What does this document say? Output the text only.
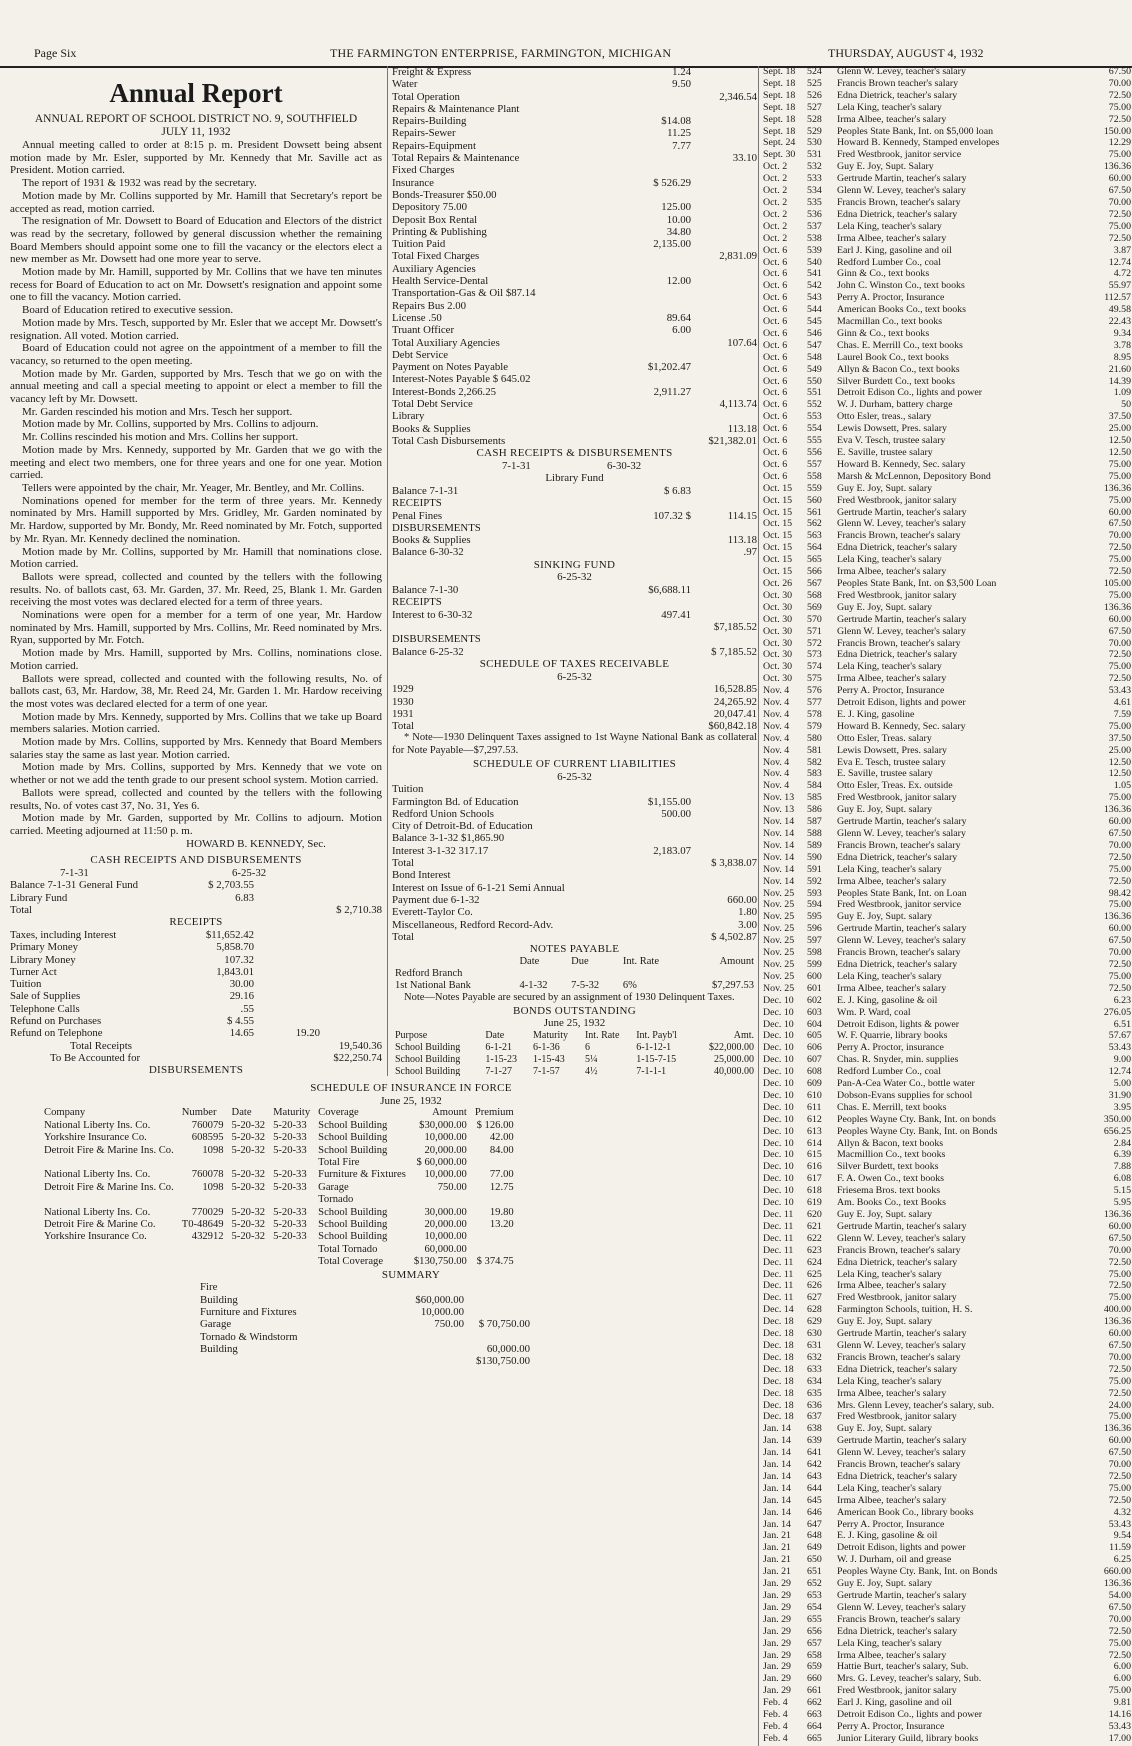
Page Six	THE FARMINGTON ENTERPRISE, FARMINGTON, MICHIGAN	THURSDAY, AUGUST 4, 1932
Annual Report

ANNUAL REPORT OF SCHOOL DISTRICT NO. 9, SOUTHFIELD

JULY 11, 1932

Annual meeting called to order at 8:15 p. m. President Dowsett being absent motion made by Mr. Esler, supported by Mr. Kennedy that Mr. Saville act as President. Motion carried.

The report of 1931 & 1932 was read by the secretary.

Motion made by Mr. Collins supported by Mr. Hamill that Secretary's report be accepted as read, motion carried.

The resignation of Mr. Dowsett to Board of Education and Electors of the district was read by the secretary, followed by general discussion whether the remaining Board Members should appoint some one to fill the vacancy or the electors elect a new member as Mr. Dowsett had one more year to serve.

Motion made by Mr. Hamill, supported by Mr. Collins that we have ten minutes recess for Board of Education to act on Mr. Dowsett's resignation and appoint some one to fill the vacancy. Motion carried.

Board of Education retired to executive session.

Motion made by Mrs. Tesch, supported by Mr. Esler that we accept Mr. Dowsett's resignation. All voted. Motion carried.

Board of Education could not agree on the appointment of a member to fill the vacancy, so returned to the open meeting.

Motion made by Mr. Garden, supported by Mrs. Tesch that we go on with the annual meeting and call a special meeting to appoint or elect a member to fill the vacancy left by Mr. Dowsett.

Mr. Garden rescinded his motion and Mrs. Tesch her support.

Motion made by Mr. Collins, supported by Mrs. Collins to adjourn.

Mr. Collins rescinded his motion and Mrs. Collins her support.

Motion made by Mrs. Kennedy, supported by Mr. Garden that we go with the meeting and elect two members, one for three years and one for one year. Motion carried.

Tellers were appointed by the chair, Mr. Yeager, Mr. Bentley, and Mr. Collins.

Nominations opened for member for the term of three years. Mr. Kennedy nominated by Mrs. Hamill supported by Mrs. Gridley, Mr. Garden nominated by Mr. Hardow, supported by Mr. Bondy, Mr. Reed nominated by Mr. Fotch, supported by Mr. Ryan. Mr. Kennedy declined the nomination.

Motion made by Mr. Collins, supported by Mr. Hamill that nominations close. Motion carried.

Ballots were spread, collected and counted by the tellers with the following results. No. of ballots cast, 63. Mr. Garden, 37. Mr. Reed, 25, Blank 1. Mr. Garden receiving the most votes was declared elected for a term of three years.

Nominations were open for a member for a term of one year, Mr. Hardow nominated by Mrs. Hamill, supported by Mrs. Collins, Mr. Reed nominated by Mrs. Ryan, supported by Mr. Fotch.

Motion made by Mrs. Hamill, supported by Mrs. Collins, nominations close. Motion carried.

Ballots were spread, collected and counted with the following results, No. of ballots cast, 63, Mr. Hardow, 38, Mr. Reed 24, Mr. Garden 1. Mr. Hardow receiving the most votes was declared elected for a term of one year.

Motion made by Mrs. Kennedy, supported by Mrs. Collins that we take up Board members salaries. Motion carried.

Motion made by Mrs. Collins, supported by Mrs. Kennedy that Board Members salaries stay the same as last year. Motion carried.

Motion made by Mrs. Collins, supported by Mrs. Kennedy that we vote on whether or not we add the tenth grade to our present school system. Motion carried.

Ballots were spread, collected and counted by the tellers with the following results, No. of votes cast 37, No. 31, Yes 6.

Motion made by Mr. Garden, supported by Mr. Collins to adjourn. Motion carried. Meeting adjourned at 11:50 p. m.

HOWARD B. KENNEDY, Sec.

CASH RECEIPTS AND DISBURSEMENTS

7-1-31	6-25-32
Balance 7-1-31 General Fund	$ 2,703.55
Library Fund	6.83
Total	$ 2,710.38

RECEIPTS

Taxes, including Interest	$11,652.42
Primary Money	5,858.70
Library Money	107.32
Turner Act	1,843.01
Tuition	30.00
Sale of Supplies	29.16
Telephone Calls	.55
Refund on Purchases	$ 4.55
Refund on Telephone	14.65	19.20
Total Receipts	19,540.36
To Be Accounted for	$22,250.74

DISBURSEMENTS

Freight & Express	1.24
Water	9.50
Total Operation	2,346.54
Repairs & Maintenance Plant
Repairs-Building	$14.08
Repairs-Sewer	11.25
Repairs-Equipment	7.77
Total Repairs & Maintenance	33.10
Fixed Charges
Insurance	$ 526.29
Bonds-Treasurer $50.00
Depository 75.00	125.00
Deposit Box Rental	10.00
Printing & Publishing	34.80
Tuition Paid	2,135.00
Total Fixed Charges	2,831.09
Auxiliary Agencies
Health Service-Dental	12.00
Transportation-Gas & Oil $87.14
Repairs Bus 2.00
License .50	89.64
Truant Officer	6.00
Total Auxiliary Agencies	107.64
Debt Service
Payment on Notes Payable	$1,202.47
Interest-Notes Payable $ 645.02
Interest-Bonds 2,266.25	2,911.27
Total Debt Service	4,113.74
Library
Books & Supplies	113.18
Total Cash Disbursements	$21,382.01

CASH RECEIPTS & DISBURSEMENTS

7-1-31	6-30-32

Library Fund

Balance 7-1-31	$ 6.83
RECEIPTS
Penal Fines	107.32 $	114.15
DISBURSEMENTS
Books & Supplies	113.18
Balance 6-30-32	.97

SINKING FUND

6-25-32

Balance 7-1-30	$6,688.11
RECEIPTS
Interest to 6-30-32	497.41
$7,185.52
DISBURSEMENTS
Balance 6-25-32	$ 7,185.52

SCHEDULE OF TAXES RECEIVABLE

6-25-32

1929	16,528.85
1930	24,265.92
1931	20,047.41
Total	$60,842.18

* Note—1930 Delinquent Taxes assigned to 1st Wayne National Bank as collateral for Note Payable—$7,297.53.

SCHEDULE OF CURRENT LIABILITIES

6-25-32

Tuition
Farmington Bd. of Education	$1,155.00
Redford Union Schools	500.00
City of Detroit-Bd. of Education
Balance 3-1-32 $1,865.90
Interest 3-1-32 317.17	2,183.07
Total	$ 3,838.07
Bond Interest
Interest on Issue of 6-1-21 Semi Annual
Payment due 6-1-32	660.00
Everett-Taylor Co.	1.80
Miscellaneous, Redford Record-Adv.	3.00
Total	$ 4,502.87

NOTES PAYABLE

	Date	Due	Int. Rate	Amount
Redford Branch				
1st National Bank	4-1-32	7-5-32	6%	$7,297.53

Note—Notes Payable are secured by an assignment of 1930 Delinquent Taxes.

BONDS OUTSTANDING

June 25, 1932

Purpose	Date	Maturity	Int. Rate	Int. Payb'l	Amt.
School Building	6-1-21	6-1-36	6	6-1-12-1	$22,000.00
School Building	1-15-23	1-15-43	5¼	1-15-7-15	25,000.00
School Building	7-1-27	7-1-57	4½	7-1-1-1	40,000.00

Sept. 18	524	Glenn W. Levey, teacher's salary	67.50
Sept. 18	525	Francis Brown teacher's salary	70.00
Sept. 18	526	Edna Dietrick, teacher's salary	72.50
Sept. 18	527	Lela King, teacher's salary	75.00
Sept. 18	528	Irma Albee, teacher's salary	72.50
Sept. 18	529	Peoples State Bank, Int. on $5,000 loan	150.00
Sept. 24	530	Howard B. Kennedy, Stamped envelopes	12.29
Sept. 30	531	Fred Westbrook, janitor service	75.00
Oct. 2	532	Guy E. Joy, Supt. Salary	136.36
Oct. 2	533	Gertrude Martin, teacher's salary	60.00
Oct. 2	534	Glenn W. Levey, teacher's salary	67.50
Oct. 2	535	Francis Brown, teacher's salary	70.00
Oct. 2	536	Edna Dietrick, teacher's salary	72.50
Oct. 2	537	Lela King, teacher's salary	75.00
Oct. 2	538	Irma Albee, teacher's salary	72.50
Oct. 6	539	Earl J. King, gasoline and oil	3.87
Oct. 6	540	Redford Lumber Co., coal	12.74
Oct. 6	541	Ginn & Co., text books	4.72
Oct. 6	542	John C. Winston Co., text books	55.97
Oct. 6	543	Perry A. Proctor, Insurance	112.57
Oct. 6	544	American Books Co., text books	49.58
Oct. 6	545	Macmillan Co., text books	22.43
Oct. 6	546	Ginn & Co., text books	9.34
Oct. 6	547	Chas. E. Merrill Co., text books	3.78
Oct. 6	548	Laurel Book Co., text books	8.95
Oct. 6	549	Allyn & Bacon Co., text books	21.60
Oct. 6	550	Silver Burdett Co., text books	14.39
Oct. 6	551	Detroit Edison Co., lights and power	1.09
Oct. 6	552	W. J. Durham, battery charge	50
Oct. 6	553	Otto Esler, treas., salary	37.50
Oct. 6	554	Lewis Dowsett, Pres. salary	25.00
Oct. 6	555	Eva V. Tesch, trustee salary	12.50
Oct. 6	556	E. Saville, trustee salary	12.50
Oct. 6	557	Howard B. Kennedy, Sec. salary	75.00
Oct. 6	558	Marsh & McLennon, Depository Bond	75.00
Oct. 15	559	Guy E. Joy, Supt. salary	136.36
Oct. 15	560	Fred Westbrook, janitor salary	75.00
Oct. 15	561	Gertrude Martin, teacher's salary	60.00
Oct. 15	562	Glenn W. Levey, teacher's salary	67.50
Oct. 15	563	Francis Brown, teacher's salary	70.00
Oct. 15	564	Edna Dietrick, teacher's salary	72.50
Oct. 15	565	Lela King, teacher's salary	75.00
Oct. 15	566	Irma Albee, teacher's salary	72.50
Oct. 26	567	Peoples State Bank, Int. on $3,500 Loan	105.00
Oct. 30	568	Fred Westbrook, janitor salary	75.00
Oct. 30	569	Guy E. Joy, Supt. salary	136.36
Oct. 30	570	Gertrude Martin, teacher's salary	60.00
Oct. 30	571	Glenn W. Levey, teacher's salary	67.50
Oct. 30	572	Francis Brown, teacher's salary	70.00
Oct. 30	573	Edna Dietrick, teacher's salary	72.50
Oct. 30	574	Lela King, teacher's salary	75.00
Oct. 30	575	Irma Albee, teacher's salary	72.50
Nov. 4	576	Perry A. Proctor, Insurance	53.43
Nov. 4	577	Detroit Edison, lights and power	4.61
Nov. 4	578	E. J. King, gasoline	7.59
Nov. 4	579	Howard B. Kennedy, Sec. salary	75.00
Nov. 4	580	Otto Esler, Treas. salary	37.50
Nov. 4	581	Lewis Dowsett, Pres. salary	25.00
Nov. 4	582	Eva E. Tesch, trustee salary	12.50
Nov. 4	583	E. Saville, trustee salary	12.50
Nov. 4	584	Otto Esler, Treas. Ex. outside	1.05
Nov. 13	585	Fred Westbrook, janitor salary	75.00
Nov. 13	586	Guy E. Joy, Supt. salary	136.36
Nov. 14	587	Gertrude Martin, teacher's salary	60.00
Nov. 14	588	Glenn W. Levey, teacher's salary	67.50
Nov. 14	589	Francis Brown, teacher's salary	70.00
Nov. 14	590	Edna Dietrick, teacher's salary	72.50
Nov. 14	591	Lela King, teacher's salary	75.00
Nov. 14	592	Irma Albee, teacher's salary	72.50
Nov. 25	593	Peoples State Bank, Int. on Loan	98.42
Nov. 25	594	Fred Westbrook, janitor service	75.00
Nov. 25	595	Guy E. Joy, Supt. salary	136.36
Nov. 25	596	Gertrude Martin, teacher's salary	60.00
Nov. 25	597	Glenn W. Levey, teacher's salary	67.50
Nov. 25	598	Francis Brown, teacher's salary	70.00
Nov. 25	599	Edna Dietrick, teacher's salary	72.50
Nov. 25	600	Lela King, teacher's salary	75.00
Nov. 25	601	Irma Albee, teacher's salary	72.50
Dec. 10	602	E. J. King, gasoline & oil	6.23
Dec. 10	603	Wm. P. Ward, coal	276.05
Dec. 10	604	Detroit Edison, lights & power	6.51
Dec. 10	605	W. F. Quarrie, library books	57.67
Dec. 10	606	Perry A. Proctor, insurance	53.43
Dec. 10	607	Chas. R. Snyder, min. supplies	9.00
Dec. 10	608	Redford Lumber Co., coal	12.74
Dec. 10	609	Pan-A-Cea Water Co., bottle water	5.00
Dec. 10	610	Dobson-Evans supplies for school	31.90
Dec. 10	611	Chas. E. Merrill, text books	3.95
Dec. 10	612	Peoples Wayne Cty. Bank, Int. on bonds	350.00
Dec. 10	613	Peoples Wayne Cty. Bank, Int. on Bonds	656.25
Dec. 10	614	Allyn & Bacon, text books	2.84
Dec. 10	615	Macmillion Co., text books	6.39
Dec. 10	616	Silver Burdett, text books	7.88
Dec. 10	617	F. A. Owen Co., text books	6.08
Dec. 10	618	Friesema Bros. text books	5.15
Dec. 10	619	Am. Books Co., text Books	5.95
Dec. 11	620	Guy E. Joy, Supt. salary	136.36
Dec. 11	621	Gertrude Martin, teacher's salary	60.00
Dec. 11	622	Glenn W. Levey, teacher's salary	67.50
Dec. 11	623	Francis Brown, teacher's salary	70.00
Dec. 11	624	Edna Dietrick, teacher's salary	72.50
Dec. 11	625	Lela King, teacher's salary	75.00
Dec. 11	626	Irma Albee, teacher's salary	72.50
Dec. 11	627	Fred Westbrook, janitor salary	75.00
Dec. 14	628	Farmington Schools, tuition, H. S.	400.00
Dec. 18	629	Guy E. Joy, Supt. salary	136.36
Dec. 18	630	Gertrude Martin, teacher's salary	60.00
Dec. 18	631	Glenn W. Levey, teacher's salary	67.50
Dec. 18	632	Francis Brown, teacher's salary	70.00
Dec. 18	633	Edna Dietrick, teacher's salary	72.50
Dec. 18	634	Lela King, teacher's salary	75.00
Dec. 18	635	Irma Albee, teacher's salary	72.50
Dec. 18	636	Mrs. Glenn Levey, teacher's salary, sub.	24.00
Dec. 18	637	Fred Westbrook, janitor salary	75.00
Jan. 14	638	Guy E. Joy, Supt. salary	136.36
Jan. 14	639	Gertrude Martin, teacher's salary	60.00
Jan. 14	641	Glenn W. Levey, teacher's salary	67.50
Jan. 14	642	Francis Brown, teacher's salary	70.00
Jan. 14	643	Edna Dietrick, teacher's salary	72.50
Jan. 14	644	Lela King, teacher's salary	75.00
Jan. 14	645	Irma Albee, teacher's salary	72.50
Jan. 14	646	American Book Co., library books	4.32
Jan. 14	647	Perry A. Proctor, Insurance	53.43
Jan. 21	648	E. J. King, gasoline & oil	9.54
Jan. 21	649	Detroit Edison, lights and power	11.59
Jan. 21	650	W. J. Durham, oil and grease	6.25
Jan. 21	651	Peoples Wayne Cty. Bank, Int. on Bonds	660.00
Jan. 29	652	Guy E. Joy, Supt. salary	136.36
Jan. 29	653	Gertrude Martin, teacher's salary	54.00
Jan. 29	654	Glenn W. Levey, teacher's salary	67.50
Jan. 29	655	Francis Brown, teacher's salary	70.00
Jan. 29	656	Edna Dietrick, teacher's salary	72.50
Jan. 29	657	Lela King, teacher's salary	75.00
Jan. 29	658	Irma Albee, teacher's salary	72.50
Jan. 29	659	Hattie Burt, teacher's salary, Sub.	6.00
Jan. 29	660	Mrs. G. Levey, teacher's salary, Sub.	6.00
Jan. 29	661	Fred Westbrook, janitor salary	75.00
Feb. 4	662	Earl J. King, gasoline and oil	9.81
Feb. 4	663	Detroit Edison Co., lights and power	14.16
Feb. 4	664	Perry A. Proctor, Insurance	53.43
Feb. 4	665	Junior Literary Guild, library books	17.00

SCHEDULE OF INSURANCE IN FORCE

June 25, 1932

Company	Number	Date	Maturity	Coverage	Amount	Premium
National Liberty Ins. Co.	760079	5-20-32	5-20-33	School Building	$30,000.00	$ 126.00
Yorkshire Insurance Co.	608595	5-20-32	5-20-33	School Building	10,000.00	42.00
Detroit Fire & Marine Ins. Co.	1098	5-20-32	5-20-33	School Building	20,000.00	84.00
				Total Fire	$ 60,000.00	
National Liberty Ins. Co.	760078	5-20-32	5-20-33	Furniture & Fixtures	10,000.00	77.00
Detroit Fire & Marine Ins. Co.	1098	5-20-32	5-20-33	Garage	750.00	12.75
				Tornado		
National Liberty Ins. Co.	770029	5-20-32	5-20-33	School Building	30,000.00	19.80
Detroit Fire & Marine Co.	T0-48649	5-20-32	5-20-33	School Building	20,000.00	13.20
Yorkshire Insurance Co.	432912	5-20-32	5-20-33	School Building	10,000.00	
				Total Tornado	60,000.00	
				Total Coverage	$130,750.00	$ 374.75

SUMMARY

Fire
Building	$60,000.00
Furniture and Fixtures	10,000.00
Garage	750.00	$ 70,750.00
Tornado & Windstorm
Building	60,000.00
$130,750.00
